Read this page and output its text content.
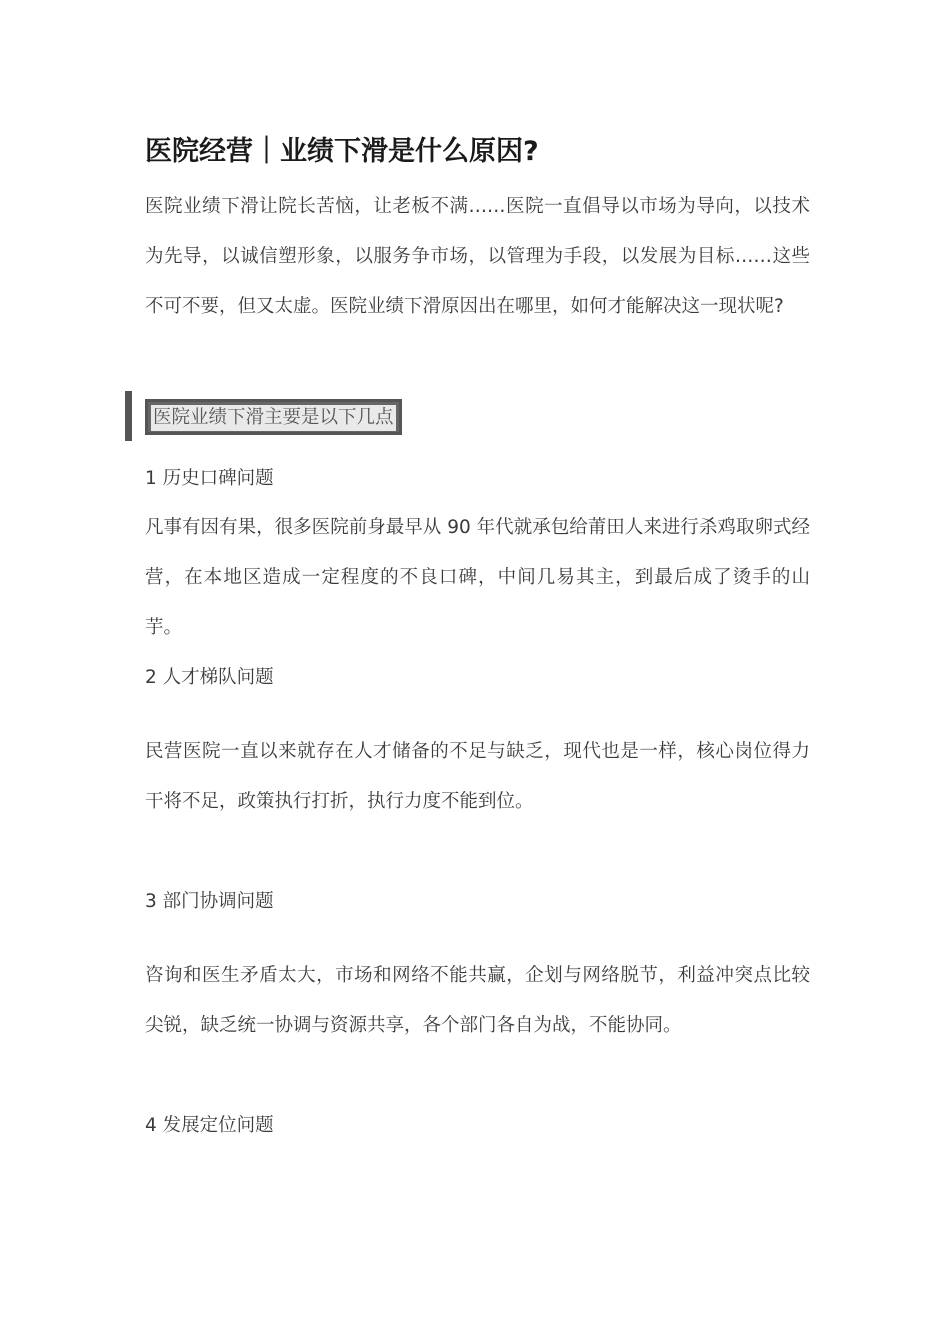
医院经营｜业绩下滑是什么原因?
医院业绩下滑让院长苦恼，让老板不满……医院一直倡导以市场为导向，以技术为先导，以诚信塑形象，以服务争市场，以管理为手段，以发展为目标……这些不可不要，但又太虚。医院业绩下滑原因出在哪里，如何才能解决这一现状呢?
医院业绩下滑主要是以下几点
1 历史口碑问题
凡事有因有果，很多医院前身最早从 90 年代就承包给莆田人来进行杀鸡取卵式经营，在本地区造成一定程度的不良口碑，中间几易其主，到最后成了烫手的山芋。
2 人才梯队问题
民营医院一直以来就存在人才储备的不足与缺乏，现代也是一样，核心岗位得力干将不足，政策执行打折，执行力度不能到位。
3 部门协调问题
咨询和医生矛盾太大，市场和网络不能共赢，企划与网络脱节，利益冲突点比较尖锐，缺乏统一协调与资源共享，各个部门各自为战，不能协同。
4 发展定位问题
